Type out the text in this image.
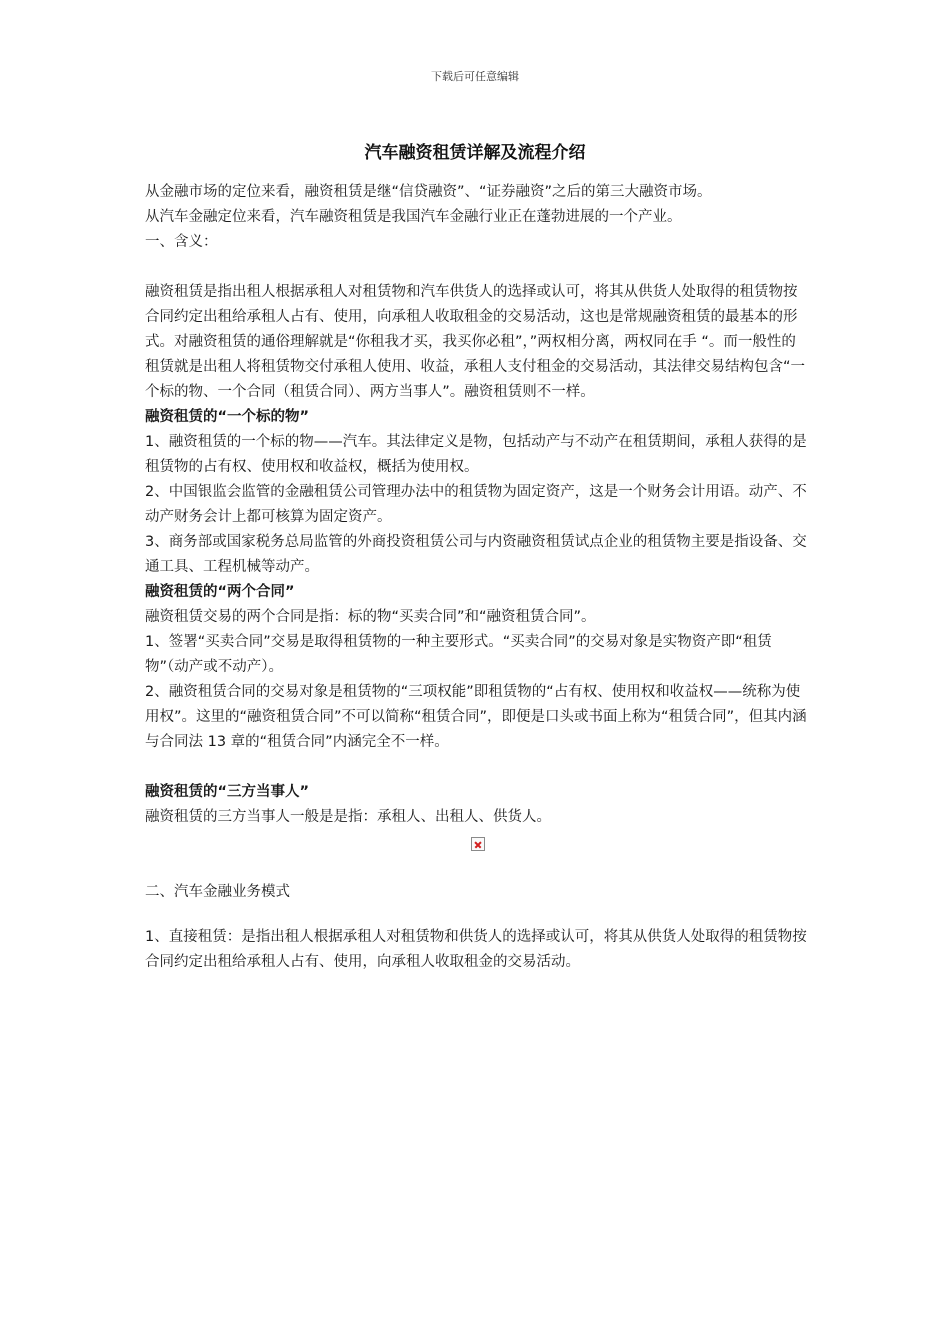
下载后可任意编辑
汽车融资租赁详解及流程介绍

从金融市场的定位来看，融资租赁是继“信贷融资”、“证券融资”之后的第三大融资市场。

从汽车金融定位来看，汽车融资租赁是我国汽车金融行业正在蓬勃进展的一个产业。

一、含义：

融资租赁是指出租人根据承租人对租赁物和汽车供货人的选择或认可，将其从供货人处取得的租赁物按合同约定出租给承租人占有、使用，向承租人收取租金的交易活动，这也是常规融资租赁的最基本的形式。对融资租赁的通俗理解就是“你租我才买，我买你必租”，”两权相分离，两权同在手 “。而一般性的租赁就是出租人将租赁物交付承租人使用、收益，承租人支付租金的交易活动，其法律交易结构包含“一个标的物、一个合同（租赁合同）、两方当事人”。融资租赁则不一样。

融资租赁的“一个标的物”

1、融资租赁的一个标的物——汽车。其法律定义是物，包括动产与不动产在租赁期间，承租人获得的是租赁物的占有权、使用权和收益权，概括为使用权。

2、中国银监会监管的金融租赁公司管理办法中的租赁物为固定资产，这是一个财务会计用语。动产、不动产财务会计上都可核算为固定资产。

3、商务部或国家税务总局监管的外商投资租赁公司与内资融资租赁试点企业的租赁物主要是指设备、交通工具、工程机械等动产。

融资租赁的“两个合同”

融资租赁交易的两个合同是指：标的物“买卖合同”和“融资租赁合同”。

1、签署“买卖合同”交易是取得租赁物的一种主要形式。“买卖合同”的交易对象是实物资产即“租赁物”（动产或不动产）。

2、融资租赁合同的交易对象是租赁物的“三项权能”即租赁物的“占有权、使用权和收益权——统称为使用权”。这里的“融资租赁合同”不可以简称“租赁合同”，即便是口头或书面上称为“租赁合同”，但其内涵与合同法 13 章的“租赁合同”内涵完全不一样。

融资租赁的“三方当事人”

融资租赁的三方当事人一般是是指：承租人、出租人、供货人。

二、汽车金融业务模式

1、直接租赁：是指出租人根据承租人对租赁物和供货人的选择或认可，将其从供货人处取得的租赁物按合同约定出租给承租人占有、使用，向承租人收取租金的交易活动。
